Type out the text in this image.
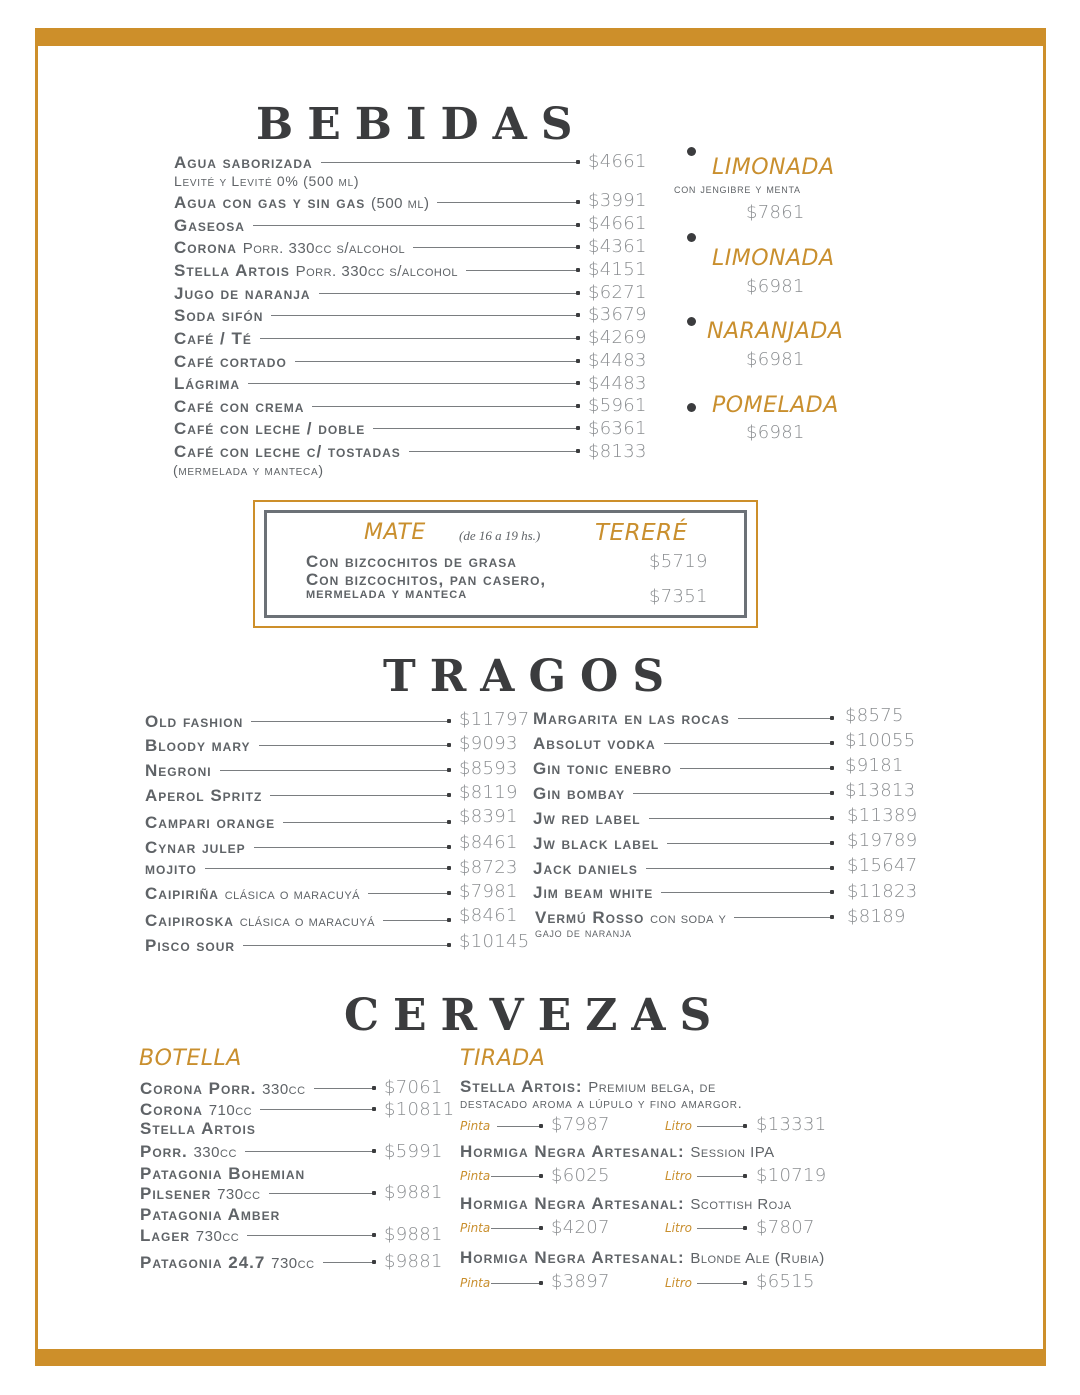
BEBIDAS
Agua saborizada	$4661
Levité y Levité 0% (500 ml)
Agua con gas y sin gas (500 ml)	$3991
Gaseosa	$4661
Corona Porr. 330cc s/alcohol	$4361
Stella Artois Porr. 330cc s/alcohol	$4151
Jugo de naranja	$6271
Soda sifón	$3679
Café / Té	$4269
Café cortado	$4483
Lágrima	$4483
Café con crema	$5961
Café con leche / doble	$6361
Café con leche c/ tostadas	$8133
(mermelada y manteca)
LIMONADA
con jengibre y menta
$7861
LIMONADA
$6981
NARANJADA
$6981
POMELADA
$6981
MATE	(de 16 a 19 hs.) TERERÉ
Con bizcochitos de grasa	$5719
Con bizcochitos, pan casero,
mermelada y manteca	$7351
TRAGOS
Old fashion	$11797
Bloody mary	$9093
Negroni	$8593
Aperol Spritz	$8119
Campari orange	$8391
Cynar julep	$8461
mojito	$8723
Caipiriña clásica o maracuyá	$7981
Caipiroska clásica o maracuyá	$8461
Pisco sour	$10145
Margarita en las rocas	$8575
Absolut vodka	$10055
Gin tonic enebro	$9181
Gin bombay	$13813
Jw red label	$11389
Jw black label	$19789
Jack daniels	$15647
Jim beam white	$11823
Vermú Rosso con soda y	$8189
gajo de naranja
CERVEZAS
BOTELLA
Corona Porr. 330cc	$7061
Corona 710cc	$10811
Stella Artois
Porr. 330cc	$5991
Patagonia Bohemian
Pilsener 730cc	$9881
Patagonia Amber
Lager 730cc	$9881
Patagonia 24.7 730cc	$9881
TIRADA
Stella Artois: Premium belga, de
destacado aroma a lúpulo y fino amargor.
Pinta	$7987	Litro	$13331
Hormiga Negra Artesanal: Session IPA
Pinta	$6025	Litro	$10719
Hormiga Negra Artesanal: Scottish Roja
Pinta	$4207	Litro	$7807
Hormiga Negra Artesanal: Blonde Ale (Rubia)
Pinta	$3897	Litro	$6515
